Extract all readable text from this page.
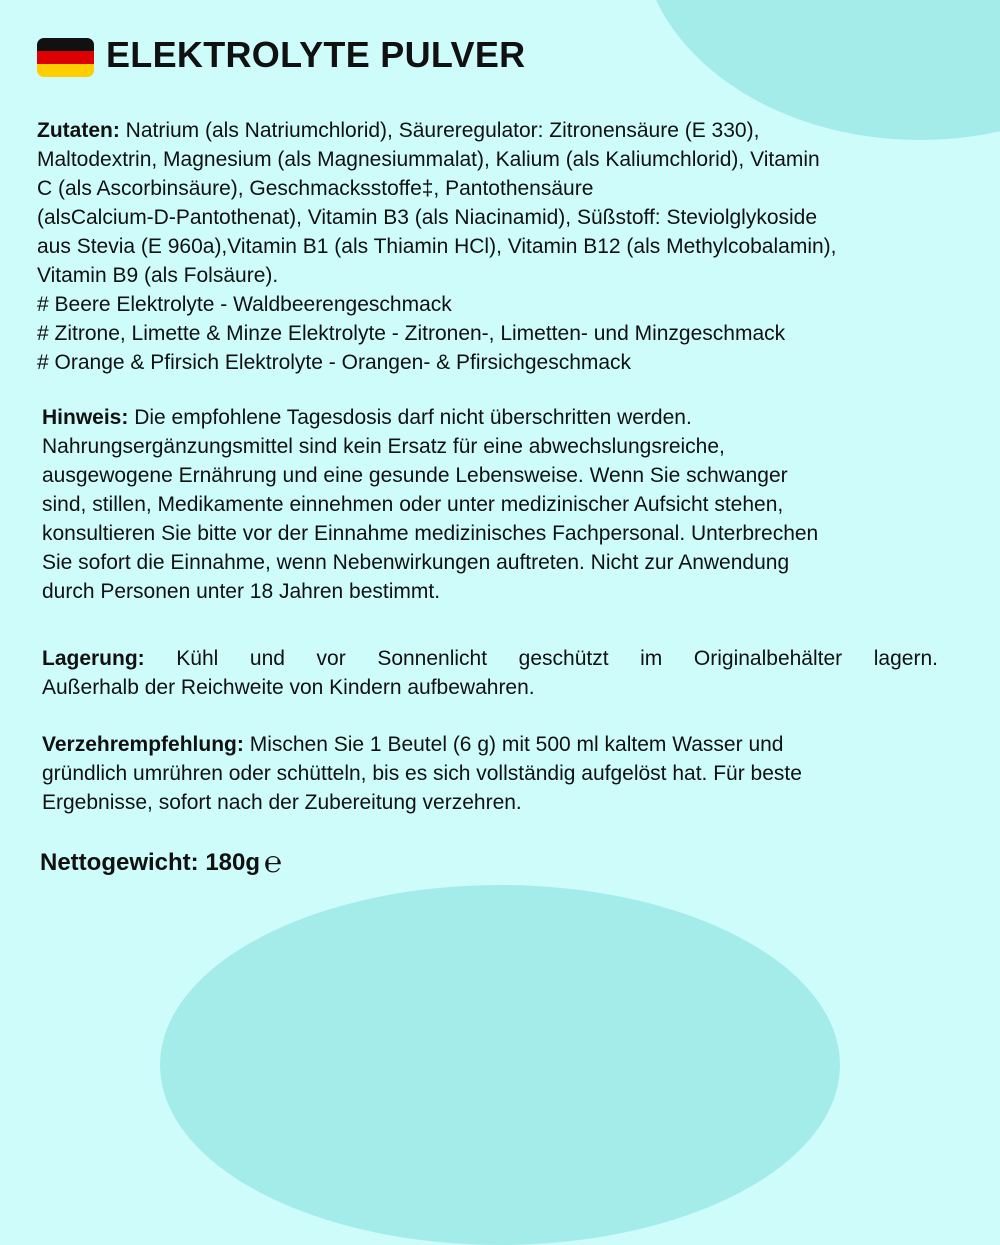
ELEKTROLYTE PULVER
Zutaten: Natrium (als Natriumchlorid), Säureregulator: Zitronensäure (E 330),
Maltodextrin, Magnesium (als Magnesiummalat), Kalium (als Kaliumchlorid), Vitamin
C (als Ascorbinsäure), Geschmacksstoffe‡, Pantothensäure
(alsCalcium-D-Pantothenat), Vitamin B3 (als Niacinamid), Süßstoff: Steviolglykoside
aus Stevia (E 960a),Vitamin B1 (als Thiamin HCl), Vitamin B12 (als Methylcobalamin),
Vitamin B9 (als Folsäure).
# Beere Elektrolyte - Waldbeerengeschmack
# Zitrone, Limette & Minze Elektrolyte - Zitronen-, Limetten- und Minzgeschmack
# Orange & Pfirsich Elektrolyte - Orangen- & Pfirsichgeschmack
Hinweis: Die empfohlene Tagesdosis darf nicht überschritten werden.
Nahrungsergänzungsmittel sind kein Ersatz für eine abwechslungsreiche,
ausgewogene Ernährung und eine gesunde Lebensweise. Wenn Sie schwanger
sind, stillen, Medikamente einnehmen oder unter medizinischer Aufsicht stehen,
konsultieren Sie bitte vor der Einnahme medizinisches Fachpersonal. Unterbrechen
Sie sofort die Einnahme, wenn Nebenwirkungen auftreten. Nicht zur Anwendung
durch Personen unter 18 Jahren bestimmt.
Lagerung: Kühl und vor Sonnenlicht geschützt im Originalbehälter lagern.
Außerhalb der Reichweite von Kindern aufbewahren.
Verzehrempfehlung: Mischen Sie 1 Beutel (6 g) mit 500 ml kaltem Wasser und
gründlich umrühren oder schütteln, bis es sich vollständig aufgelöst hat. Für beste
Ergebnisse, sofort nach der Zubereitung verzehren.
Nettogewicht: 180g ℮
